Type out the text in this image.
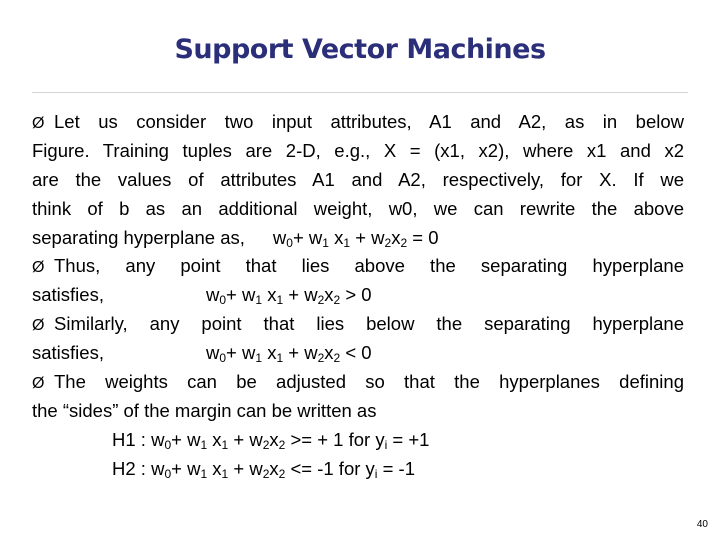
Support Vector Machines
Ø Let us consider two input attributes, A1 and A2, as in below
Figure. Training tuples are 2-D, e.g., X = (x1, x2), where x1 and x2
are the values of attributes A1 and A2, respectively, for X. If we
think of b as an additional weight, w0, we can rewrite the above
separating hyperplane as, $w_0+ w_1$ $x_1 + w_2x_2 = 0$
Ø Thus, any point that lies above the separating hyperplane
satisfies,	$w_0+ w_1$ $x_1 + w_2x_2 > 0$
Ø Similarly, any point that lies below the separating hyperplane
satisfies,	$w_0+ w_1$ $x_1 + w_2x_2 < 0$
Ø The weights can be adjusted so that the hyperplanes defining
the “sides” of the margin can be written as
H1 : $w_0+ w_1$ $x_1 + w_2x_2$ >= + 1 for $y_i = +1$
H2 : $w_0+ w_1$ $x_1 + w_2x_2 <= -1$ for $y_i = -1$
40
